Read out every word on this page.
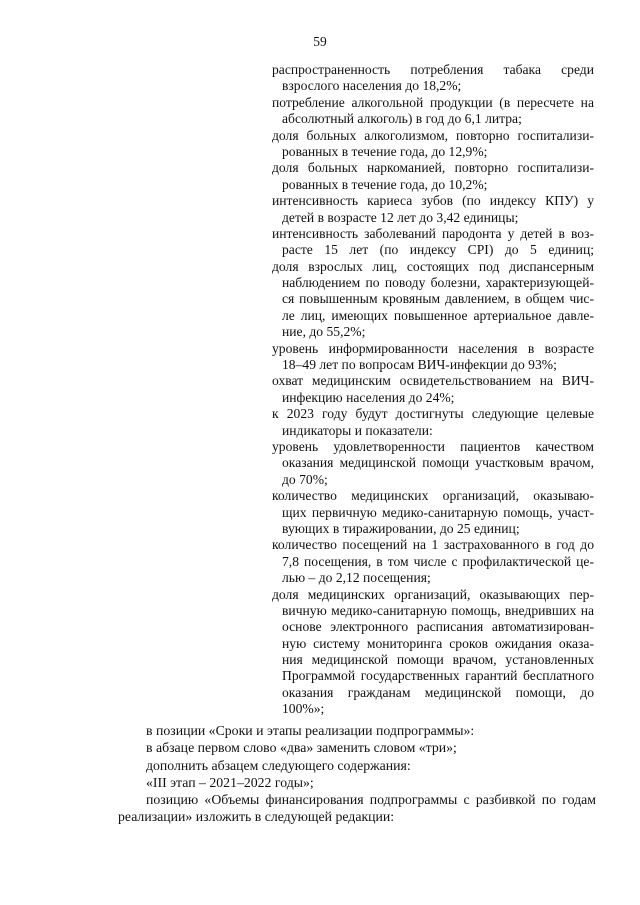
59
распространенность потребления табака среди
взрослого населения до 18,2%;
потребление алкогольной продукции (в пересчете на
абсолютный алкоголь) в год до 6,1 литра;
доля больных алкоголизмом, повторно госпитализи-
рованных в течение года, до 12,9%;
доля больных наркоманией, повторно госпитализи-
рованных в течение года, до 10,2%;
интенсивность кариеса зубов (по индексу КПУ) у
детей в возрасте 12 лет до 3,42 единицы;
интенсивность заболеваний пародонта у детей в воз-
расте 15 лет (по индексу СPI) до 5 единиц;
доля взрослых лиц, состоящих под диспансерным
наблюдением по поводу болезни, характеризующей-
ся повышенным кровяным давлением, в общем чис-
ле лиц, имеющих повышенное артериальное давле-
ние, до 55,2%;
уровень информированности населения в возрасте
18–49 лет по вопросам ВИЧ-инфекции до 93%;
охват медицинским освидетельствованием на ВИЧ-
инфекцию населения до 24%;
к 2023 году будут достигнуты следующие целевые
индикаторы и показатели:
уровень удовлетворенности пациентов качеством
оказания медицинской помощи участковым врачом,
до 70%;
количество медицинских организаций, оказываю-
щих первичную медико-санитарную помощь, участ-
вующих в тиражировании, до 25 единиц;
количество посещений на 1 застрахованного в год до
7,8 посещения, в том числе с профилактической це-
лью – до 2,12 посещения;
доля медицинских организаций, оказывающих пер-
вичную медико-санитарную помощь, внедривших на
основе электронного расписания автоматизирован-
ную систему мониторинга сроков ожидания оказа-
ния медицинской помощи врачом, установленных
Программой государственных гарантий бесплатного
оказания гражданам медицинской помощи, до
100%»;
в позиции «Сроки и этапы реализации подпрограммы»:
в абзаце первом слово «два» заменить словом «три»;
дополнить абзацем следующего содержания:
«III этап – 2021–2022 годы»;
позицию «Объемы финансирования подпрограммы с разбивкой по годам
реализации» изложить в следующей редакции:
